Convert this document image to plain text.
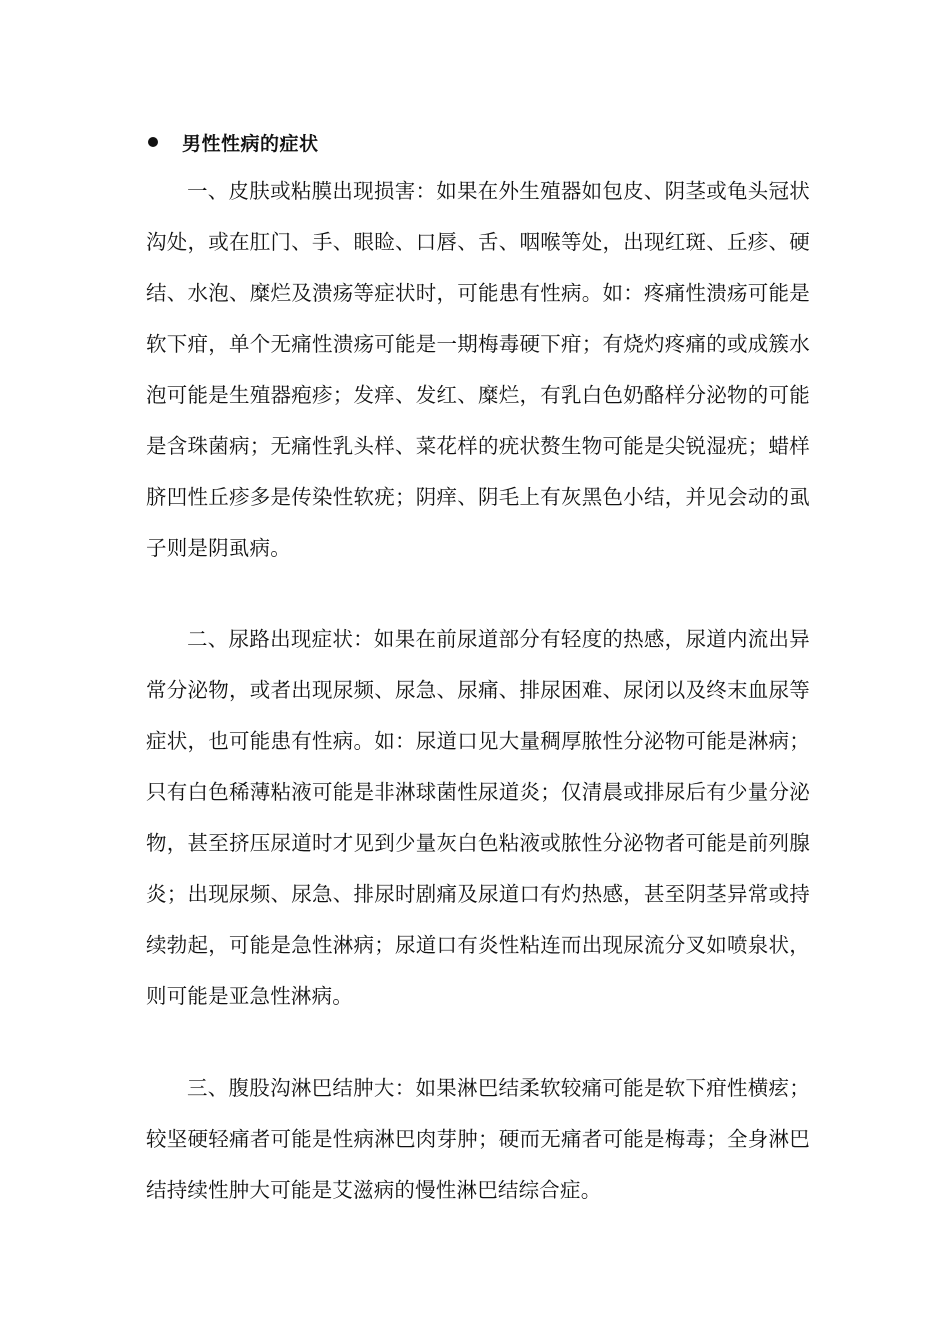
男性性病的症状

一、皮肤或粘膜出现损害：如果在外生殖器如包皮、阴茎或龟头冠状沟处，或在肛门、手、眼睑、口唇、舌、咽喉等处，出现红斑、丘疹、硬结、水泡、糜烂及溃疡等症状时，可能患有性病。如：疼痛性溃疡可能是软下疳，单个无痛性溃疡可能是一期梅毒硬下疳；有烧灼疼痛的或成簇水泡可能是生殖器疱疹；发痒、发红、糜烂，有乳白色奶酪样分泌物的可能是含珠菌病；无痛性乳头样、菜花样的疣状赘生物可能是尖锐湿疣；蜡样脐凹性丘疹多是传染性软疣；阴痒、阴毛上有灰黑色小结，并见会动的虱子则是阴虱病。

二、尿路出现症状：如果在前尿道部分有轻度的热感，尿道内流出异常分泌物，或者出现尿频、尿急、尿痛、排尿困难、尿闭以及终末血尿等症状，也可能患有性病。如：尿道口见大量稠厚脓性分泌物可能是淋病；只有白色稀薄粘液可能是非淋球菌性尿道炎；仅清晨或排尿后有少量分泌物，甚至挤压尿道时才见到少量灰白色粘液或脓性分泌物者可能是前列腺炎；出现尿频、尿急、排尿时剧痛及尿道口有灼热感，甚至阴茎异常或持续勃起，可能是急性淋病；尿道口有炎性粘连而出现尿流分叉如喷泉状，则可能是亚急性淋病。

三、腹股沟淋巴结肿大：如果淋巴结柔软较痛可能是软下疳性横痃；较坚硬轻痛者可能是性病淋巴肉芽肿；硬而无痛者可能是梅毒；全身淋巴结持续性肿大可能是艾滋病的慢性淋巴结综合症。
